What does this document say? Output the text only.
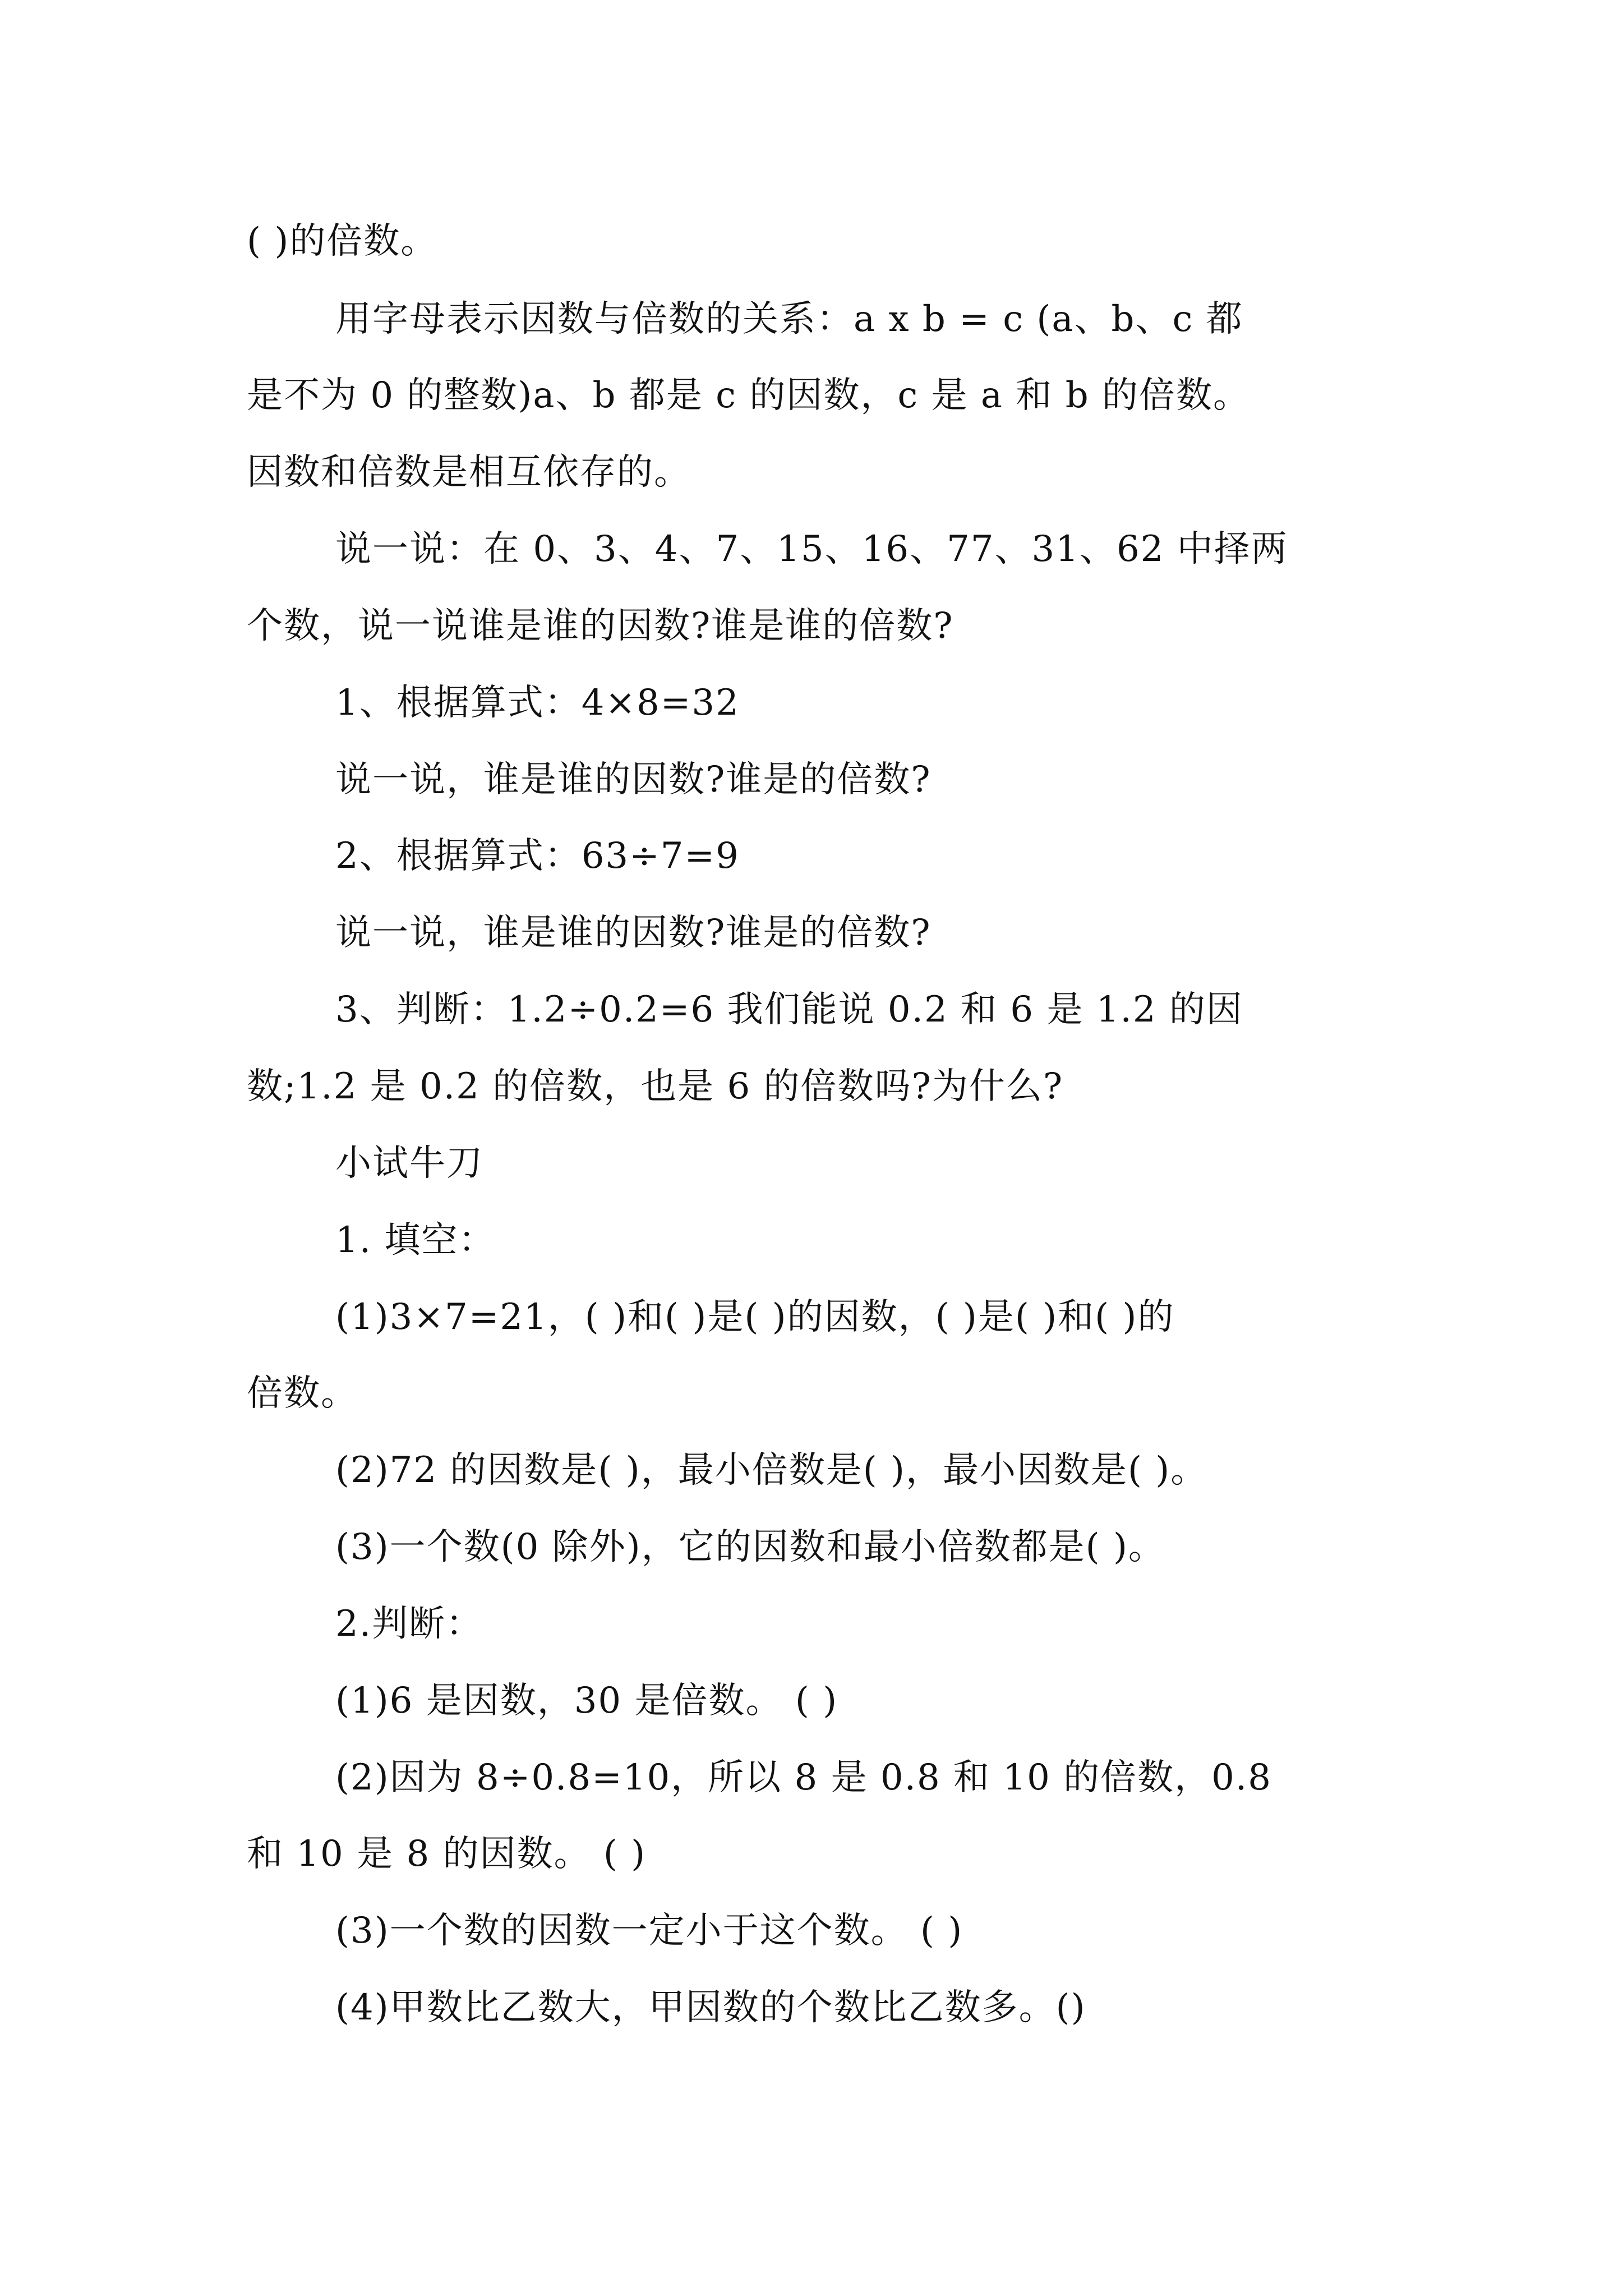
( )的倍数。
用字母表示因数与倍数的关系：a x b = c (a、b、c 都
是不为 0 的整数)a、b 都是 c 的因数，c 是 a 和 b 的倍数。
因数和倍数是相互依存的。
说一说：在 0、3、4、7、15、16、77、31、62 中择两
个数，说一说谁是谁的因数?谁是谁的倍数?
1、根据算式：4×8=32
说一说，谁是谁的因数?谁是的倍数?
2、根据算式：63÷7=9
说一说，谁是谁的因数?谁是的倍数?
3、判断：1.2÷0.2=6 我们能说 0.2 和 6 是 1.2 的因
数;1.2 是 0.2 的倍数，也是 6 的倍数吗?为什么?
小试牛刀
1. 填空：
(1)3×7=21，( )和( )是( )的因数，( )是( )和( )的
倍数。
(2)72 的因数是( )，最小倍数是( )，最小因数是( )。
(3)一个数(0 除外)，它的因数和最小倍数都是( )。
2.判断：
(1)6 是因数，30 是倍数。 ( )
(2)因为 8÷0.8=10，所以 8 是 0.8 和 10 的倍数，0.8
和 10 是 8 的因数。 ( )
(3)一个数的因数一定小于这个数。 ( )
(4)甲数比乙数大，甲因数的个数比乙数多。()
